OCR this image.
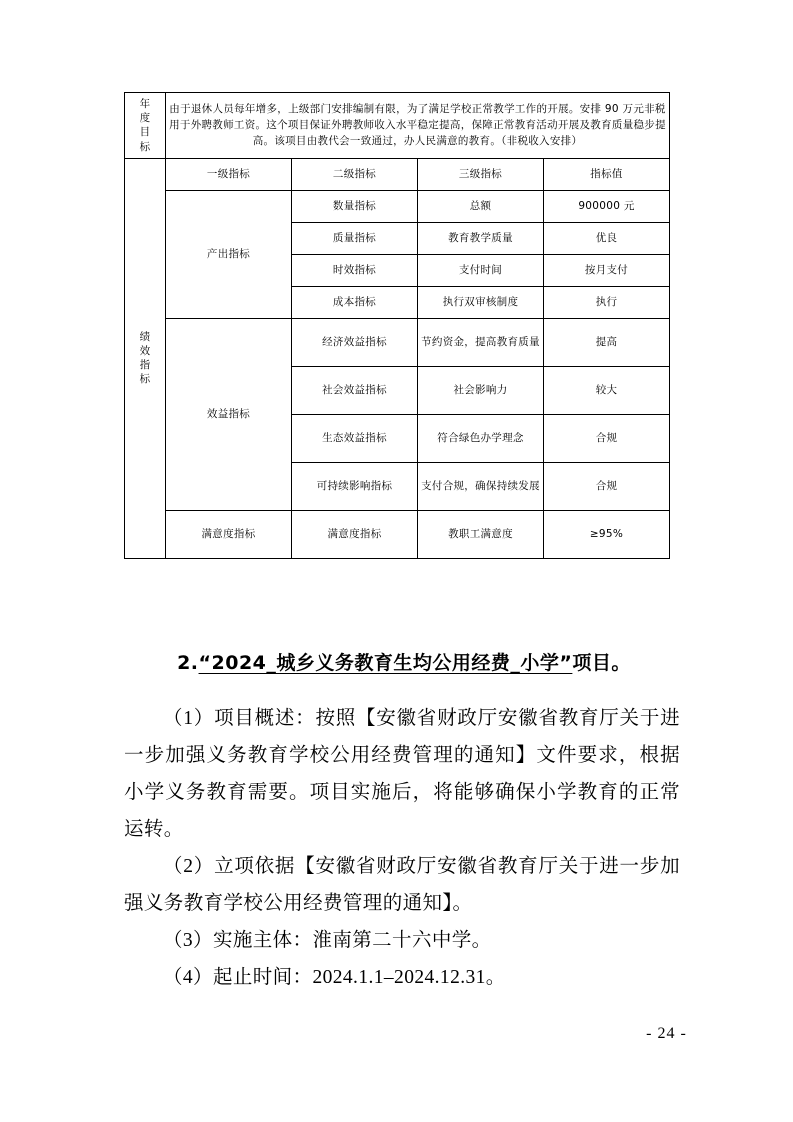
年度目标	由于退休人员每年增多，上级部门安排编制有限，为了满足学校正常教学工作的开展。安排 90 万元非税用于外聘教师工资。这个项目保证外聘教师收入水平稳定提高，保障正常教育活动开展及教育质量稳步提高。该项目由教代会一致通过，办人民满意的教育。（非税收入安排）			

绩效指标	一级指标	二级指标	三级指标	指标值
	产出指标	数量指标	总额	900000 元
		质量指标	教育教学质量	优良
		时效指标	支付时间	按月支付
		成本指标	执行双审核制度	执行
	效益指标	经济效益指标	节约资金，提高教育质量	提高
		社会效益指标	社会影响力	较大
		生态效益指标	符合绿色办学理念	合规
		可持续影响指标	支付合规，确保持续发展	合规
	满意度指标	满意度指标	教职工满意度	≥95%
2.“2024_城乡义务教育生均公用经费_小学”项目。
（1）项目概述：按照【安徽省财政厅安徽省教育厅关于进一步加强义务教育学校公用经费管理的通知】文件要求，根据小学义务教育需要。项目实施后，将能够确保小学教育的正常运转。
（2）立项依据【安徽省财政厅安徽省教育厅关于进一步加强义务教育学校公用经费管理的通知】。
（3）实施主体：淮南第二十六中学。
（4）起止时间：2024.1.1–2024.12.31。
- 24 -
